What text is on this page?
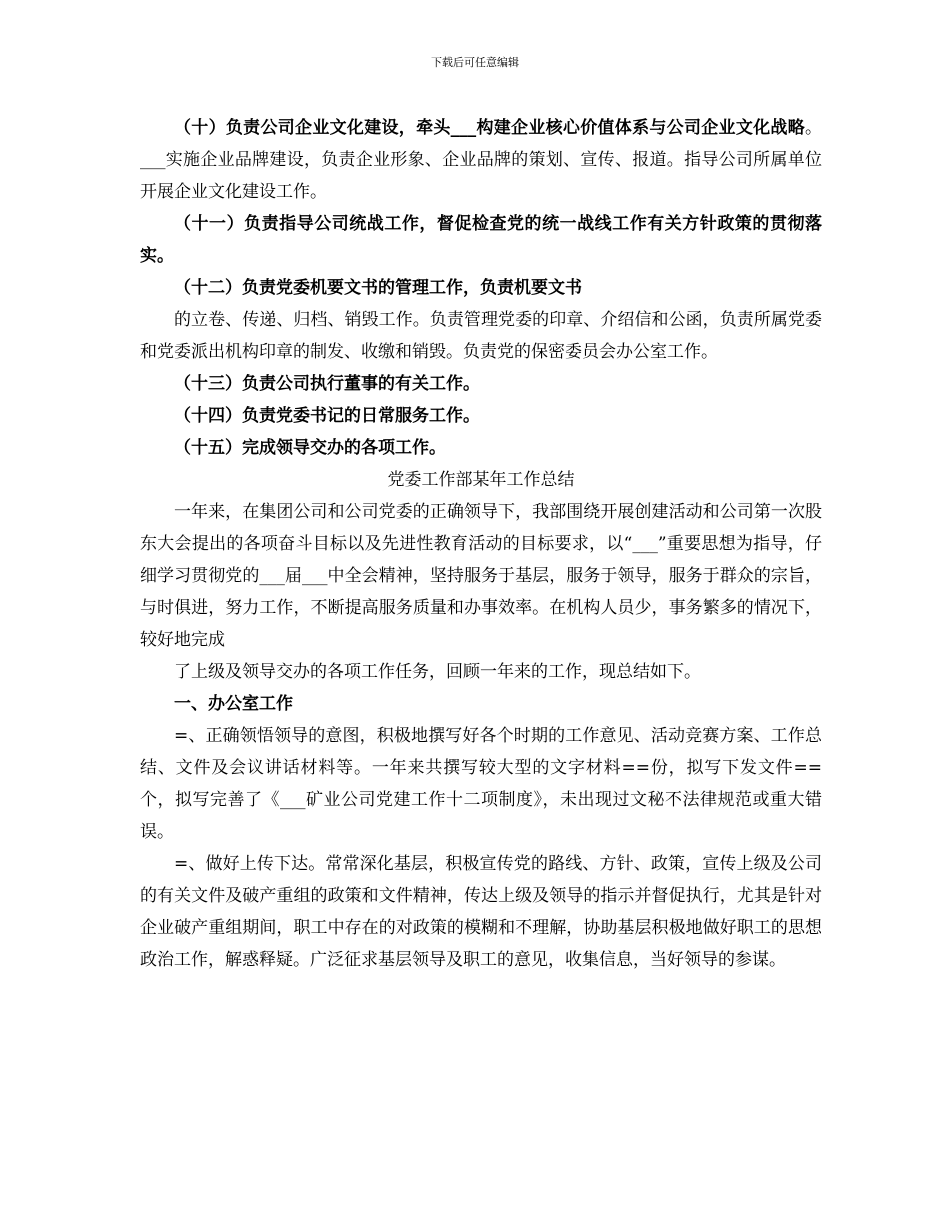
下载后可任意编辑

（十）负责公司企业文化建设，牵头___构建企业核心价值体系与公司企业文化战略。___实施企业品牌建设，负责企业形象、企业品牌的策划、宣传、报道。指导公司所属单位开展企业文化建设工作。

（十一）负责指导公司统战工作，督促检查党的统一战线工作有关方针政策的贯彻落实。

（十二）负责党委机要文书的管理工作，负责机要文书

的立卷、传递、归档、销毁工作。负责管理党委的印章、介绍信和公函，负责所属党委和党委派出机构印章的制发、收缴和销毁。负责党的保密委员会办公室工作。

（十三）负责公司执行董事的有关工作。

（十四）负责党委书记的日常服务工作。

（十五）完成领导交办的各项工作。

党委工作部某年工作总结

一年来，在集团公司和公司党委的正确领导下，我部围绕开展创建活动和公司第一次股东大会提出的各项奋斗目标以及先进性教育活动的目标要求，以“___”重要思想为指导，仔细学习贯彻党的___届___中全会精神，坚持服务于基层，服务于领导，服务于群众的宗旨，与时俱进，努力工作，不断提高服务质量和办事效率。在机构人员少，事务繁多的情况下，较好地完成

了上级及领导交办的各项工作任务，回顾一年来的工作，现总结如下。

一、办公室工作

=、正确领悟领导的意图，积极地撰写好各个时期的工作意见、活动竞赛方案、工作总结、文件及会议讲话材料等。一年来共撰写较大型的文字材料==份，拟写下发文件==个，拟写完善了《___矿业公司党建工作十二项制度》，未出现过文秘不法律规范或重大错误。

=、做好上传下达。常常深化基层，积极宣传党的路线、方针、政策，宣传上级及公司的有关文件及破产重组的政策和文件精神，传达上级及领导的指示并督促执行，尤其是针对企业破产重组期间，职工中存在的对政策的模糊和不理解，协助基层积极地做好职工的思想政治工作，解惑释疑。广泛征求基层领导及职工的意见，收集信息，当好领导的参谋。
